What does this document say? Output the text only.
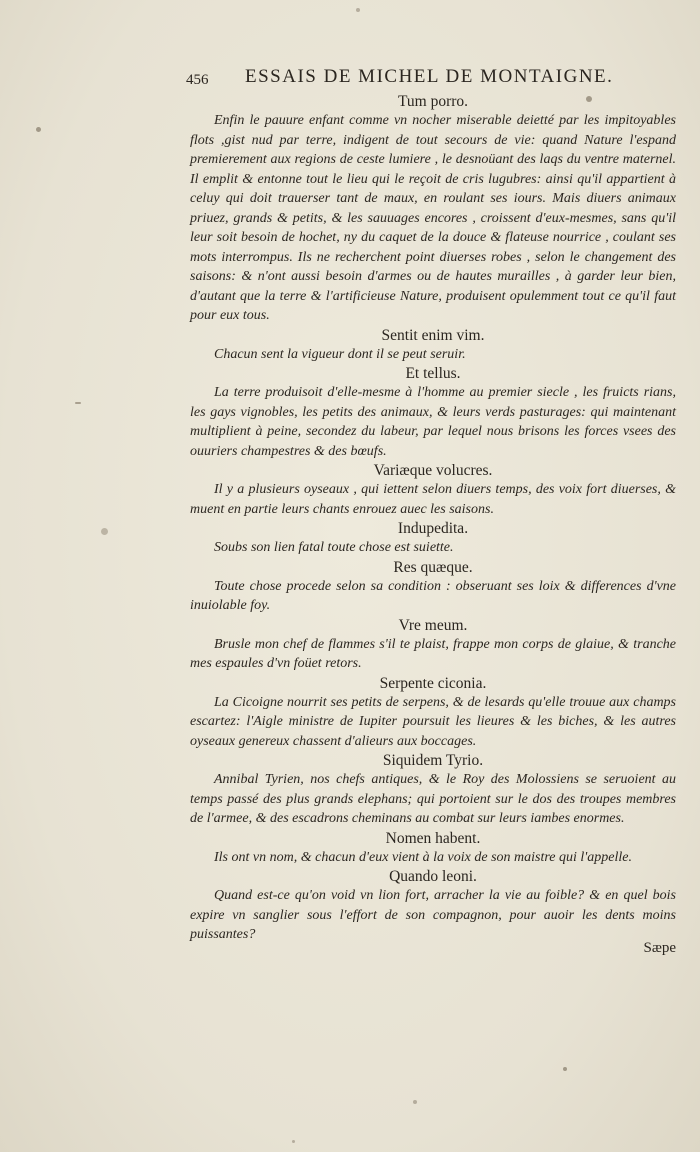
456 ESSAIS DE MICHEL DE MONTAIGNE.
Tum porro.

Enfin le pauure enfant comme vn nocher miserable deietté par les impitoyables flots ,gist nud par terre, indigent de tout secours de vie: quand Nature l'espand premierement aux regions de ceste lumiere , le desnoüant des laqs du ventre maternel. Il emplit & entonne tout le lieu qui le reçoit de cris lugubres: ainsi qu'il appartient à celuy qui doit trauerser tant de maux, en roulant ses iours. Mais diuers animaux priuez, grands & petits, & les sauuages encores , croissent d'eux-mesmes, sans qu'il leur soit besoin de hochet, ny du caquet de la douce & flateuse nourrice , coulant ses mots interrompus. Ils ne recherchent point diuerses robes , selon le changement des saisons: & n'ont aussi besoin d'armes ou de hautes murailles , à garder leur bien, d'autant que la terre & l'artificieuse Nature, produisent opulemment tout ce qu'il faut pour eux tous.

Sentit enim vim.

Chacun sent la vigueur dont il se peut seruir.

Et tellus.

La terre produisoit d'elle-mesme à l'homme au premier siecle , les fruicts rians, les gays vignobles, les petits des animaux, & leurs verds pasturages: qui maintenant multiplient à peine, secondez du labeur, par lequel nous brisons les forces vsees des ouuriers champestres & des bœufs.

Variæque volucres.

Il y a plusieurs oyseaux , qui iettent selon diuers temps, des voix fort diuerses, & muent en partie leurs chants enrouez auec les saisons.

Indupedita.

Soubs son lien fatal toute chose est suiette.

Res quæque.

Toute chose procede selon sa condition : obseruant ses loix & differences d'vne inuiolable foy.

Vre meum.

Brusle mon chef de flammes s'il te plaist, frappe mon corps de glaiue, & tranche mes espaules d'vn foüet retors.

Serpente ciconia.

La Cicoigne nourrit ses petits de serpens, & de lesards qu'elle trouue aux champs escartez: l'Aigle ministre de Iupiter poursuit les lieures & les biches, & les autres oyseaux genereux chassent d'alieurs aux boccages.

Siquidem Tyrio.

Annibal Tyrien, nos chefs antiques, & le Roy des Molossiens se seruoient au temps passé des plus grands elephans; qui portoient sur le dos des troupes membres de l'armee, & des escadrons cheminans au combat sur leurs iambes enormes.

Nomen habent.

Ils ont vn nom, & chacun d'eux vient à la voix de son maistre qui l'appelle.

Quando leoni.

Quand est-ce qu'on void vn lion fort, arracher la vie au foible? & en quel bois expire vn sanglier sous l'effort de son compagnon, pour auoir les dents moins puissantes?

Sæpe
